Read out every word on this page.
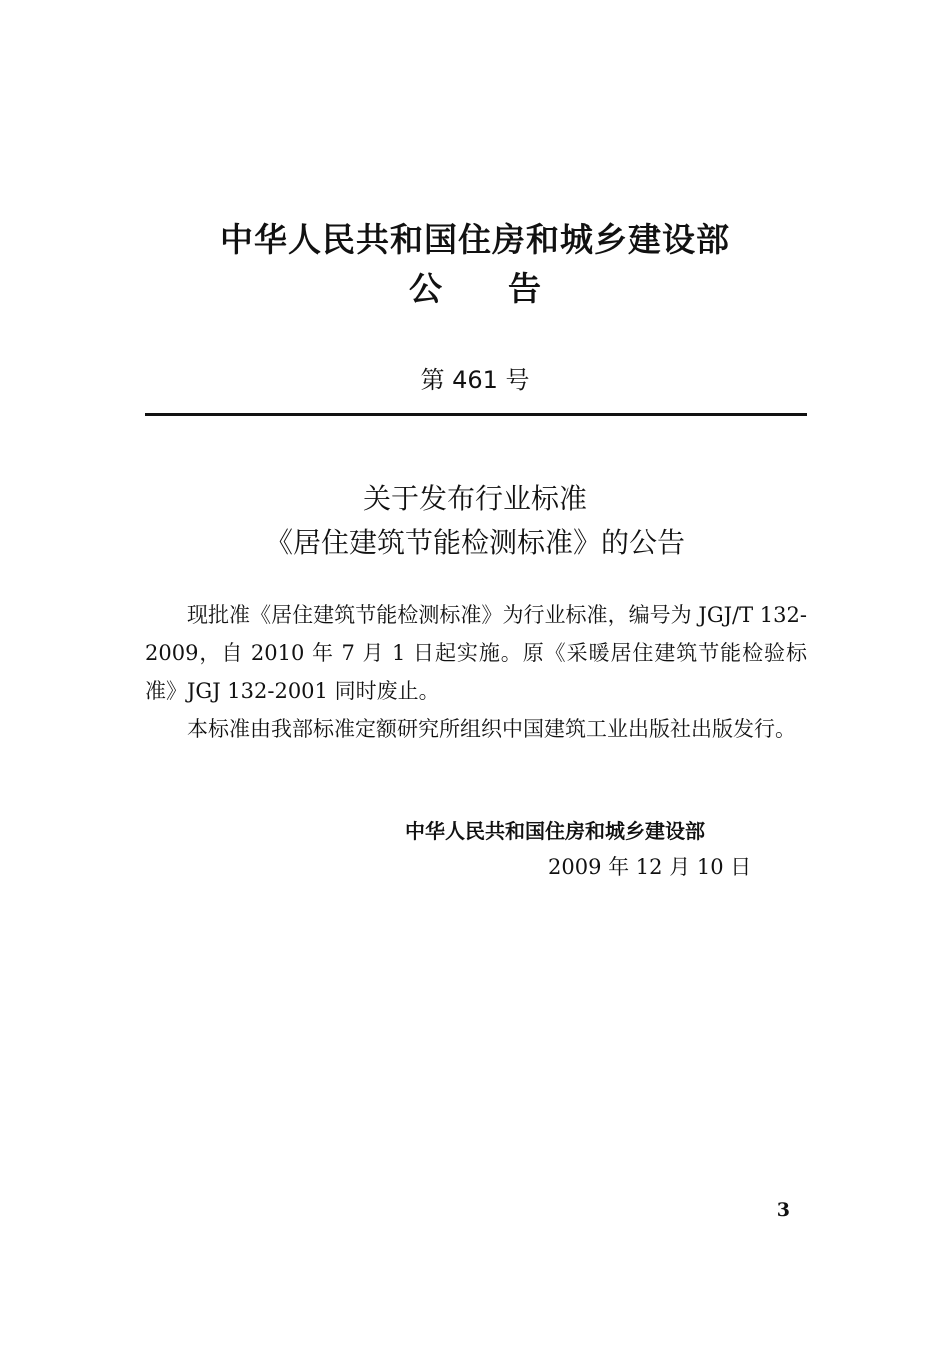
中华人民共和国住房和城乡建设部
公 告
第 461 号
关于发布行业标准
《居住建筑节能检测标准》的公告

现批准《居住建筑节能检测标准》为行业标准，编号为 JGJ/T 132-2009，自 2010 年 7 月 1 日起实施。原《采暖居住建筑节能检验标准》JGJ 132-2001 同时废止。

本标准由我部标准定额研究所组织中国建筑工业出版社出版发行。

中华人民共和国住房和城乡建设部
2009 年 12 月 10 日
3
